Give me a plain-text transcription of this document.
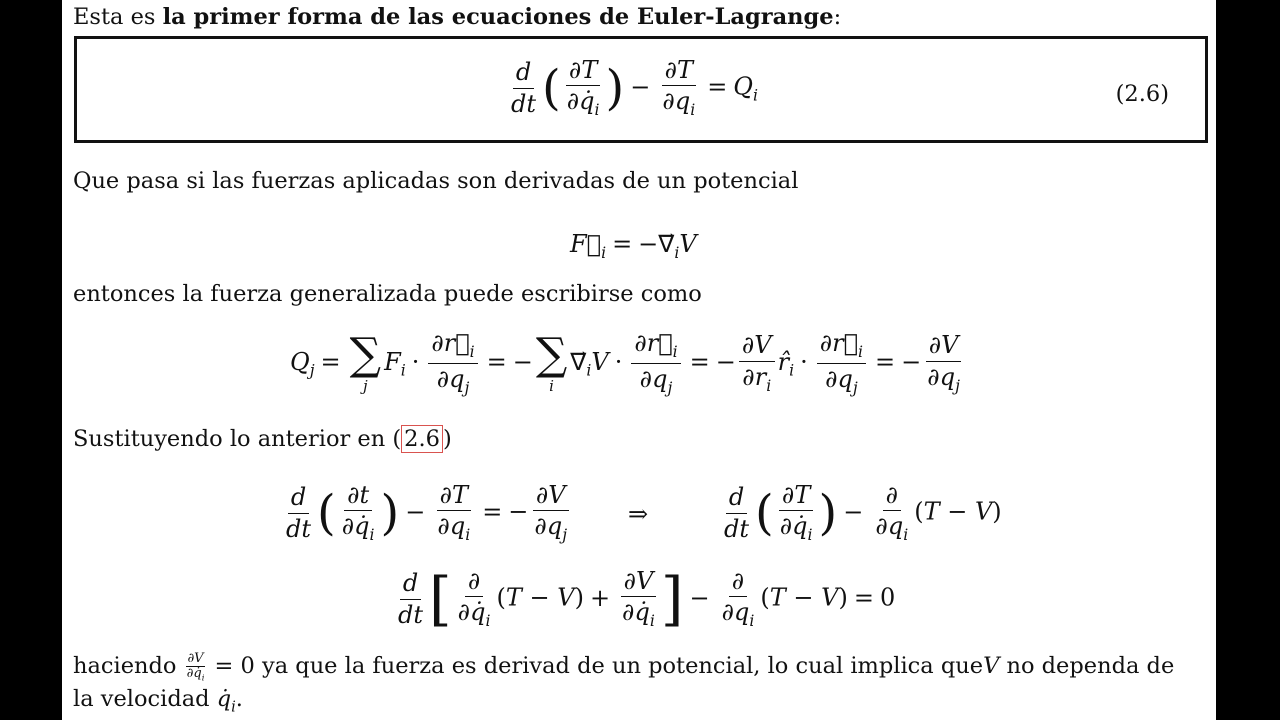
Esta es la primer forma de las ecuaciones de Euler-Lagrange:
$\frac{d}{dt}$ ( $\frac{\partial T}{\partial q̇_i}$ ) − $\frac{\partial T}{\partial q_i} = Q_i$	(2.6)
Que pasa si las fuerzas aplicadas son derivadas de un potencial
$F⃗_i$ = $-\nabla⃗_iV$
entonces la fuerza generalizada puede escribirse como
$Q_j$ = ∑
j
$F_i \cdot \frac{\partial r⃗_i}{\partial q_j}$ = − ∑
i
$\nabla⃗_iV \cdot \frac{\partial r⃗_i}{\partial q_j}$ = − $\frac{\partial V}{\partial r_i}$ $r̂_i \cdot \frac{\partial r⃗_i}{\partial q_j}$ = − $\frac{\partial V}{\partial q_j}$
Sustituyendo lo anterior en ( 2.6 )
$\frac{d}{dt}$ ( $\frac{\partial t}{\partial q̇_i}$ ) − $\frac{\partial T}{\partial q_i}$ = − $\frac{\partial V}{\partial q_j}$ ⇒	$\frac{d}{dt}$ ( $\frac{\partial T}{\partial q̇_i}$ ) − $\frac{\partial}{\partial q_i} (T - V)$
$\frac{d}{dt}$ [ $\frac{\partial}{\partial q̇_i} (T - V) + \frac{\partial V}{\partial q̇_i}$ ] − $\frac{\partial}{\partial q_i} (T - V) = 0$
haciendo $\frac{\partial V}{\partial q̇_i} = 0$ ya que la fuerza es derivad de un potencial, lo cual implica queV no dependa de
la velocidad $q̇_i$.
